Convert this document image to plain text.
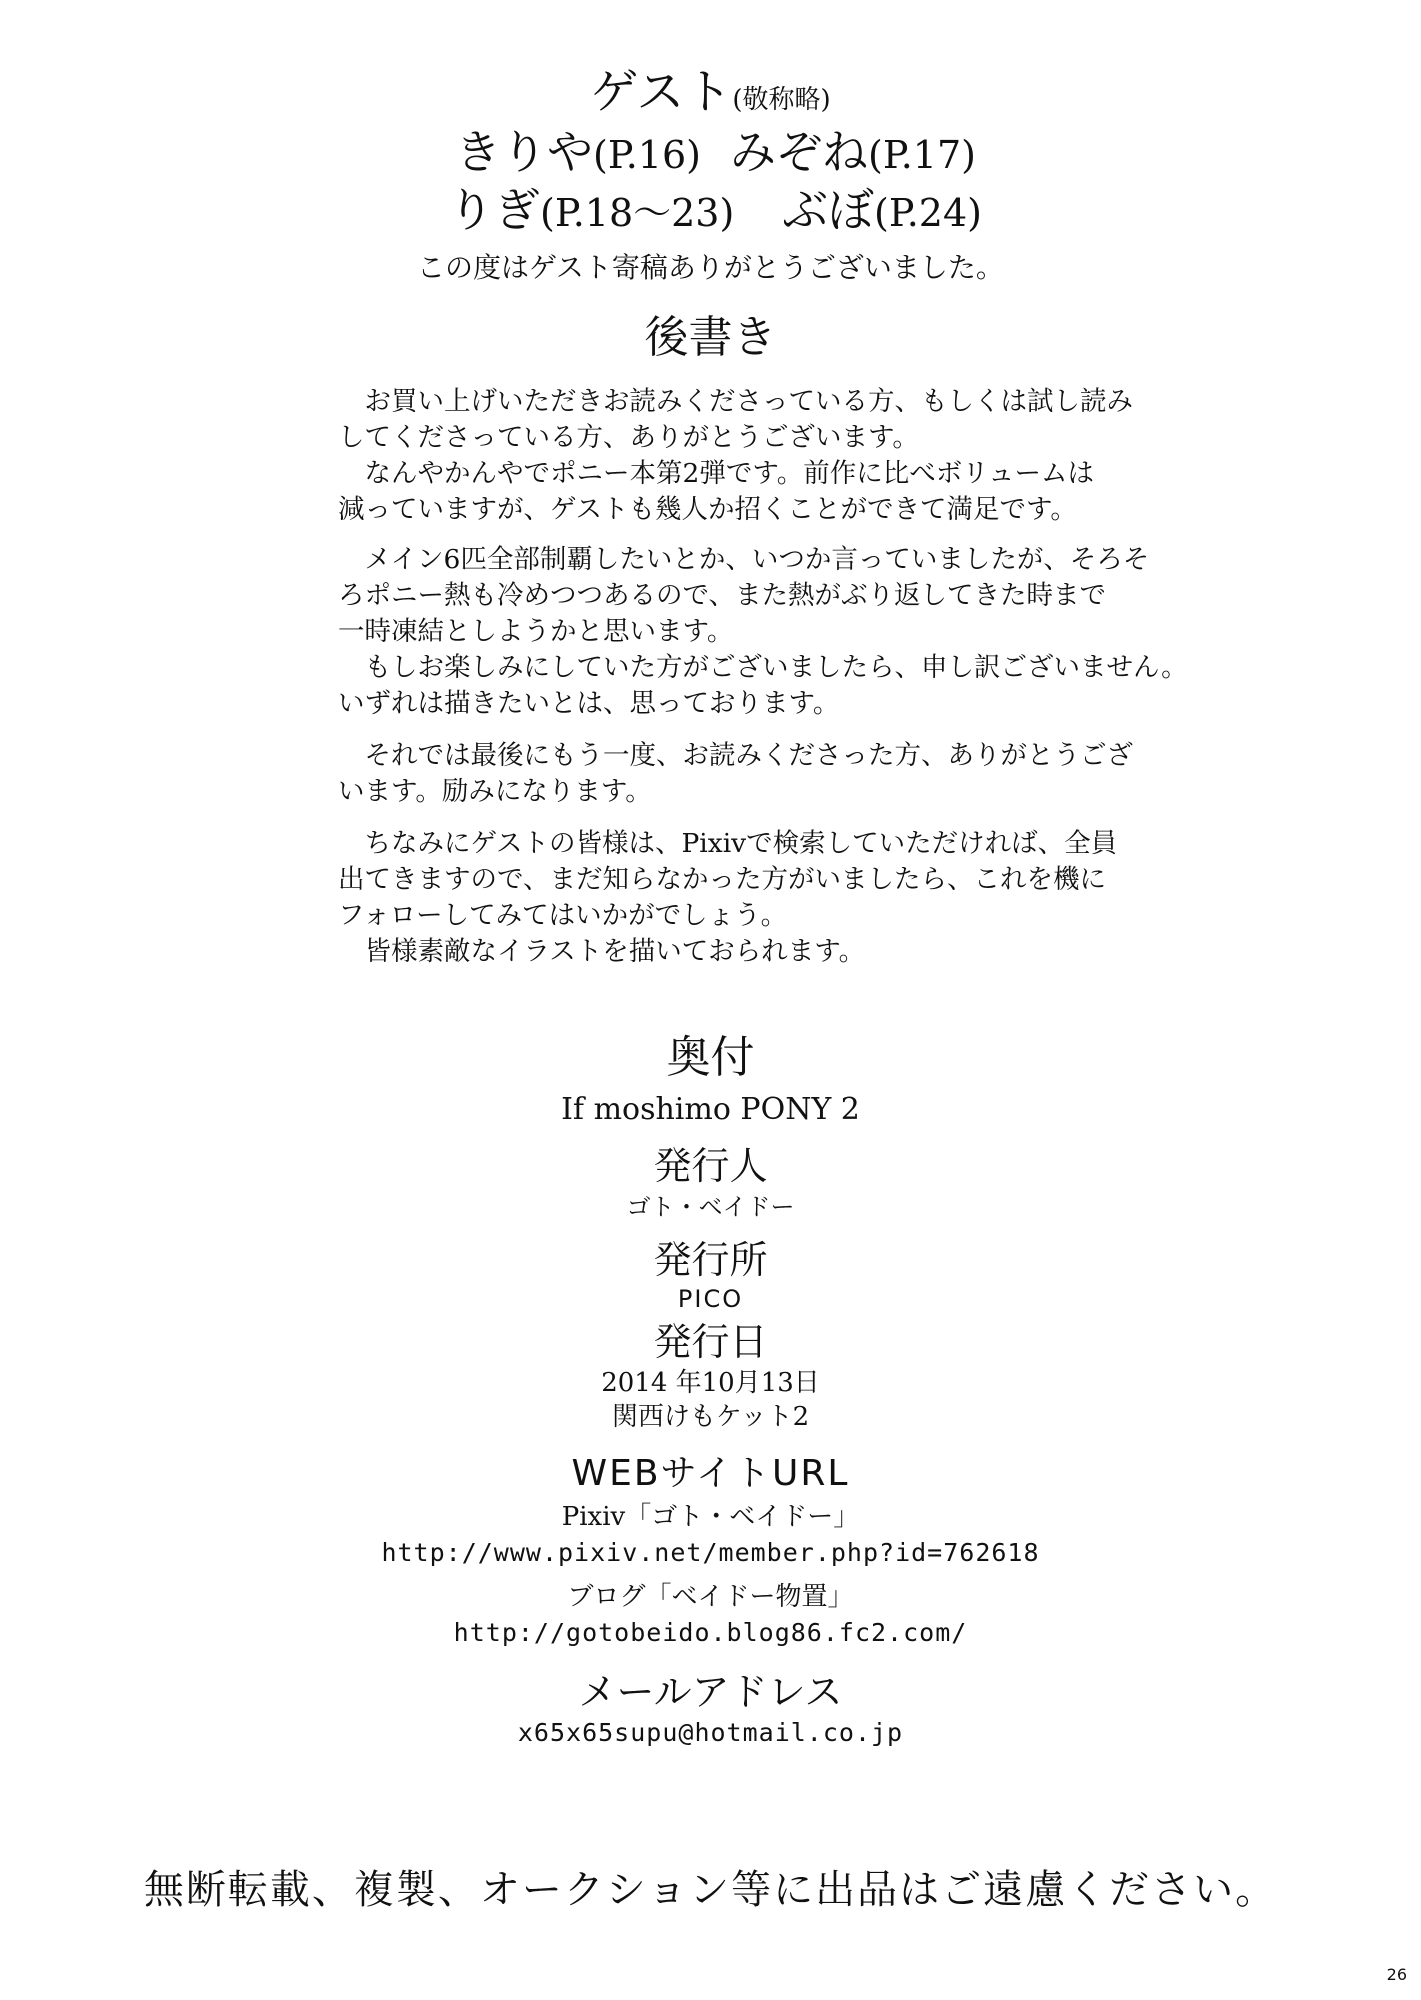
ゲスト(敬称略)
きりや(P.16) みぞね(P.17)
りぎ(P.18〜23) ぶぼ(P.24)
この度はゲスト寄稿ありがとうございました。
後書き

　お買い上げいただきお読みくださっている方、もしくは試し読み

してくださっている方、ありがとうございます。

　なんやかんやでポニー本第2弾です。前作に比べボリュームは

減っていますが、ゲストも幾人か招くことができて満足です。

　メイン6匹全部制覇したいとか、いつか言っていましたが、そろそ

ろポニー熱も冷めつつあるので、また熱がぶり返してきた時まで

一時凍結としようかと思います。

　もしお楽しみにしていた方がございましたら、申し訳ございません。

いずれは描きたいとは、思っております。

　それでは最後にもう一度、お読みくださった方、ありがとうござ

います。励みになります。

　ちなみにゲストの皆様は、Pixivで検索していただければ、全員

出てきますので、まだ知らなかった方がいましたら、これを機に

フォローしてみてはいかがでしょう。

　皆様素敵なイラストを描いておられます。

奥付
If moshimo PONY 2
発行人
ゴト・ベイドー
発行所
PICO
発行日
2014 年10月13日
関西けもケット2
WEBサイトURL
Pixiv「ゴト・ベイドー」
http://www.pixiv.net/member.php?id=762618
ブログ「ベイドー物置」
http://gotobeido.blog86.fc2.com/
メールアドレス
x65x65supu@hotmail.co.jp
無断転載、複製、オークション等に出品はご遠慮ください。
26
